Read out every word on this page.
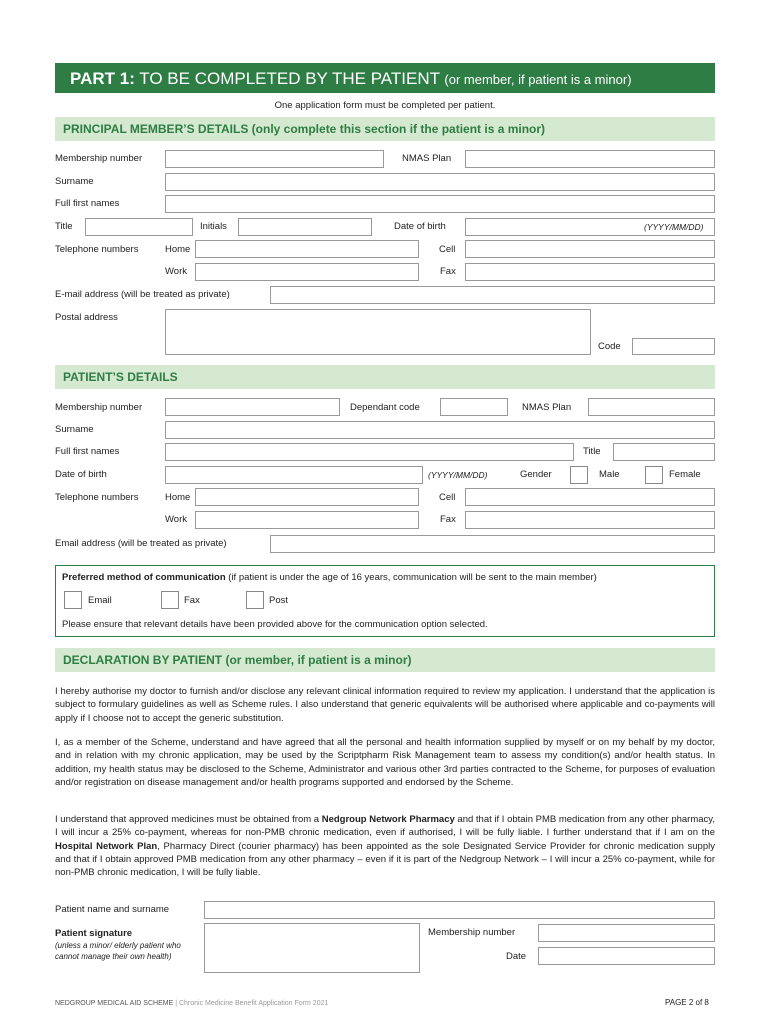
PART 1: TO BE COMPLETED BY THE PATIENT (or member, if patient is a minor)
One application form must be completed per patient.
PRINCIPAL MEMBER’S DETAILS (only complete this section if the patient is a minor)
Membership number	NMAS Plan
Surname
Full first names
Title	Initials	Date of birth	(YYYY/MM/DD)
Telephone numbers	Home	Cell
Work	Fax
E-mail address (will be treated as private)
Postal address
Code
PATIENT’S DETAILS
Membership number	Dependant code	NMAS Plan
Surname
Full first names	Title
Date of birth	(YYYY/MM/DD)	Gender	Male	Female
Telephone numbers	Home	Cell
Work	Fax
Email address (will be treated as private)
Preferred method of communication (if patient is under the age of 16 years, communication will be sent to the main member)
Email	Fax	Post
Please ensure that relevant details have been provided above for the communication option selected.
DECLARATION BY PATIENT (or member, if patient is a minor)
I hereby authorise my doctor to furnish and/or disclose any relevant clinical information required to review my application. I understand that the application is subject to formulary guidelines as well as Scheme rules. I also understand that generic equivalents will be authorised where applicable and co-payments will apply if I choose not to accept the generic substitution.
I, as a member of the Scheme, understand and have agreed that all the personal and health information supplied by myself or on my behalf by my doctor, and in relation with my chronic application, may be used by the Scriptpharm Risk Management team to assess my condition(s) and/or health status. In addition, my health status may be disclosed to the Scheme, Administrator and various other 3rd parties contracted to the Scheme, for purposes of evaluation and/or registration on disease management and/or health programs supported and endorsed by the Scheme.
I understand that approved medicines must be obtained from a Nedgroup Network Pharmacy and that if I obtain PMB medication from any other pharmacy, I will incur a 25% co-payment, whereas for non-PMB chronic medication, even if authorised, I will be fully liable. I further understand that if I am on the Hospital Network Plan, Pharmacy Direct (courier pharmacy) has been appointed as the sole Designated Service Provider for chronic medication supply and that if I obtain approved PMB medication from any other pharmacy – even if it is part of the Nedgroup Network – I will incur a 25% co-payment, while for non-PMB chronic medication, I will be fully liable.
Patient name and surname
Patient signature
(unless a minor/ elderly patient who cannot manage their own health)
Membership number
Date
NEDGROUP MEDICAL AID SCHEME | Chronic Medicine Benefit Application Form 2021	PAGE 2 of 8
